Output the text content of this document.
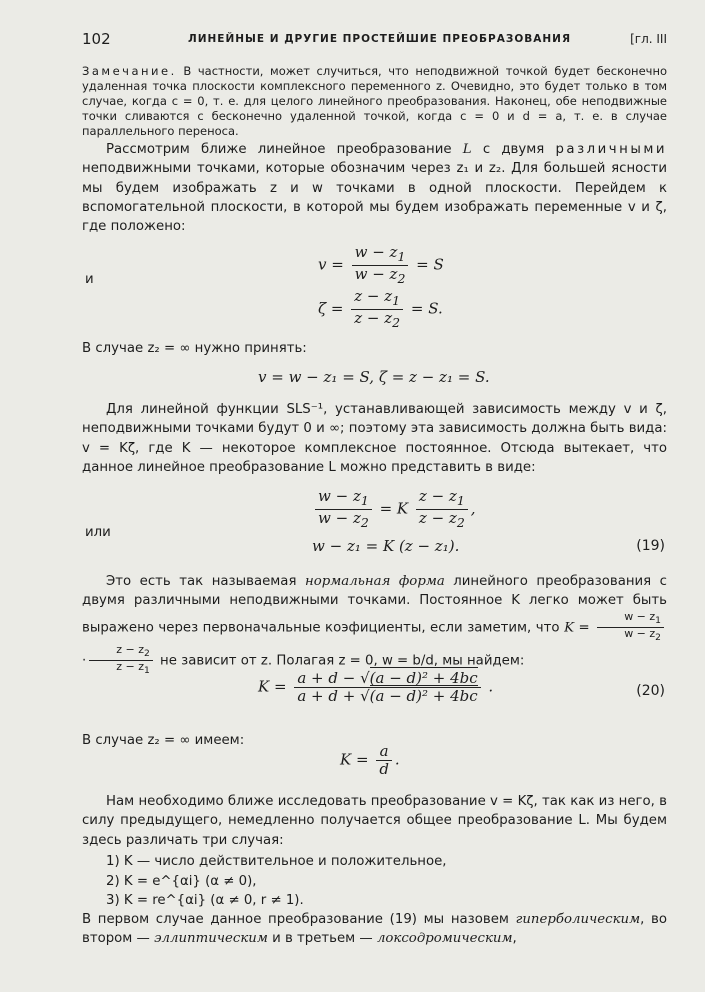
102	ЛИНЕЙНЫЕ И ДРУГИЕ ПРОСТЕЙШИЕ ПРЕОБРАЗОВАНИЯ	[гл. III
Замечание. В частности, может случиться, что неподвижной точкой будет бесконечно удаленная точка плоскости комплексного переменного z. Очевидно, это будет только в том случае, когда c = 0, т. е. для целого линейного преобразования. Наконец, обе неподвижные точки сливаются с бесконечно удаленной точкой, когда c = 0 и d = a, т. е. в случае параллельного переноса.
Рассмотрим ближе линейное преобразование L с двумя различными неподвижными точками, которые обозначим через z₁ и z₂. Для большей ясности мы будем изображать z и w точками в одной плоскости. Перейдем к вспомогательной плоскости, в которой мы будем изображать переменные v и ζ, где положено:
$v = \frac{w - z_1}{w - z_2} = S$
и
$\zeta = \frac{z - z_1}{z - z_2} = S$.
В случае z₂ = ∞ нужно принять:
v = w − z₁ = S, ζ = z − z₁ = S.
Для линейной функции SLS⁻¹, устанавливающей зависимость между v и ζ, неподвижными точками будут 0 и ∞; поэтому эта зависимость должна быть вида: v = Kζ, где K — некоторое комплексное постоянное. Отсюда вытекает, что данное линейное преобразование L можно представить в виде:
$\frac{w - z_1}{w - z_2} = K \frac{z - z_1}{z - z_2}$ ,
или
w − z₁ = K (z − z₁).	(19)
Это есть так называемая нормальная форма линейного преобразования с двумя различными неподвижными точками. Постоянное K легко может быть выражено через первоначальные коэфициенты, если заметим, что $K = \frac{w - z_1}{w - z_2}$
· $\frac{z - z_2}{z - z_1}$ не зависит от z. Полагая z = 0, w = b/d, мы найдем:
$K = \frac{\text{a + d − √(a − d)² + 4bc}}{\text{a + d + √(a − d)² + 4bc}}$ .	(20)
В случае z₂ = ∞ имеем:
$K = \frac{a}{d}$ .
Нам необходимо ближе исследовать преобразование v = Kζ, так как из него, в силу предыдущего, немедленно получается общее преобразование L. Мы будем здесь различать три случая:
1) K — число действительное и положительное,
2) K = e^{αi} (α ≠ 0),
3) K = re^{αi} (α ≠ 0, r ≠ 1).
В первом случае данное преобразование (19) мы назовем гиперболическим, во втором — эллиптическим и в третьем — локсодромическим,
